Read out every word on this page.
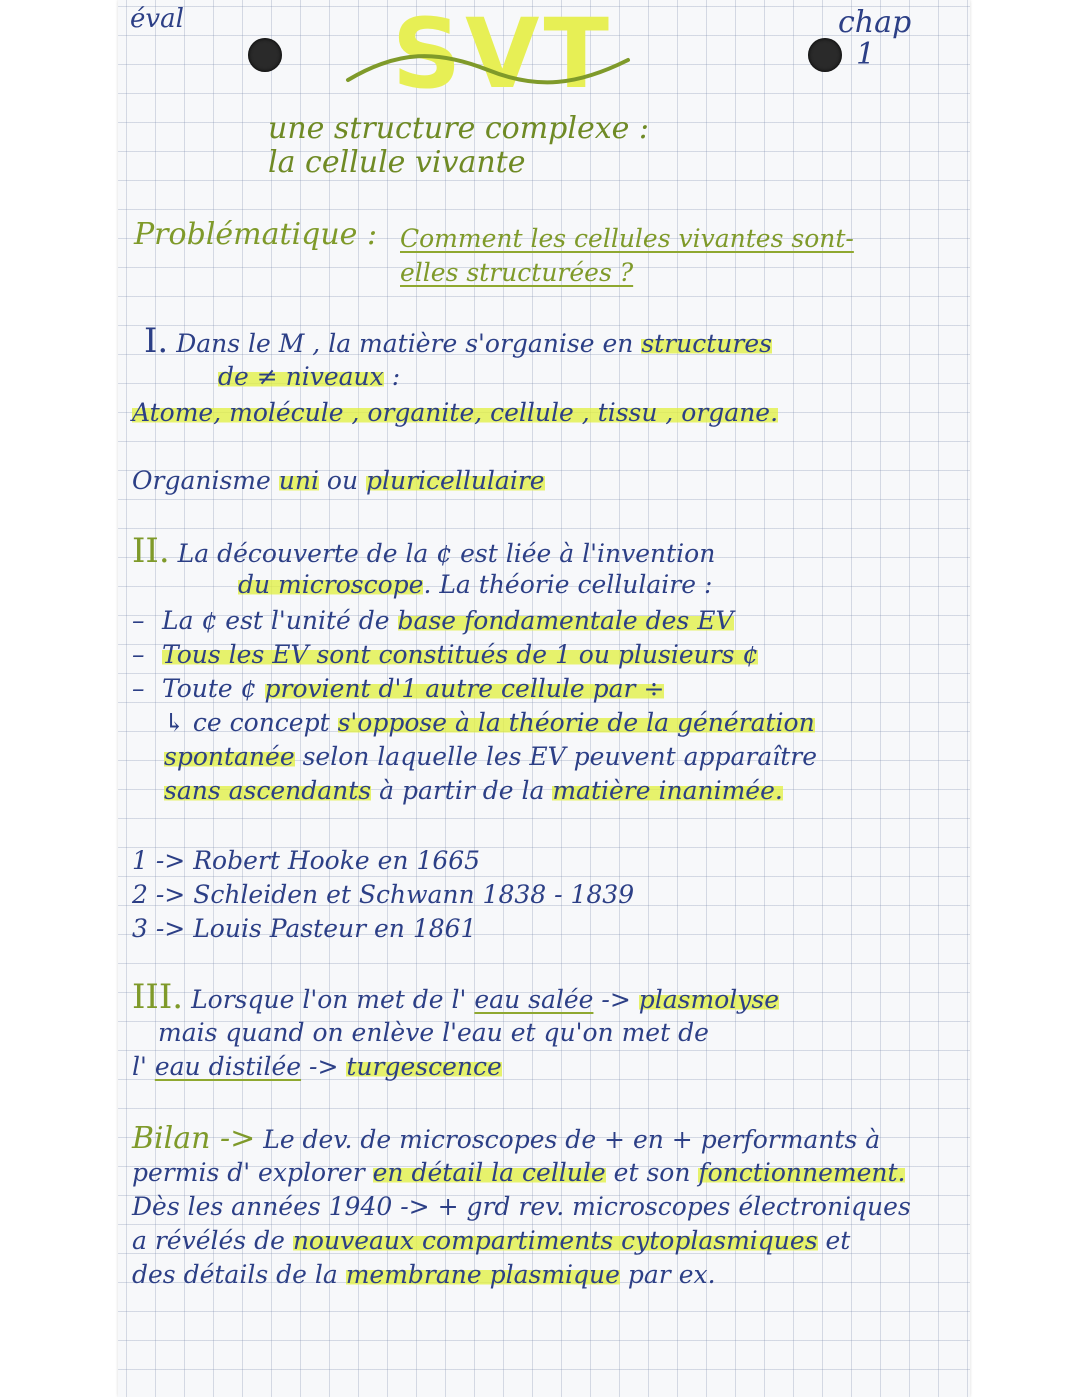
éval SVT	chap
1
une structure complexe :
la cellule vivante
Problématique : Comment les cellules vivantes sont-
elles structurées ?
I. Dans le M , la matière s'organise en structures
de ≠ niveaux :
Atome, molécule , organite, cellule , tissu , organe.
Organisme uni ou pluricellulaire
II. La découverte de la ¢ est liée à l'invention
du microscope. La théorie cellulaire :
– La ¢ est l'unité de base fondamentale des EV
– Tous les EV sont constitués de 1 ou plusieurs ¢
– Toute ¢ provient d'1 autre cellule par ÷
↳ ce concept s'oppose à la théorie de la génération
spontanée selon laquelle les EV peuvent apparaître
sans ascendants à partir de la matière inanimée.
1 -> Robert Hooke en 1665
2 -> Schleiden et Schwann 1838 - 1839
3 -> Louis Pasteur en 1861
III. Lorsque l'on met de l' eau salée -> plasmolyse
mais quand on enlève l'eau et qu'on met de
l' eau distilée -> turgescence
Bilan -> Le dev. de microscopes de + en + performants à
permis d' explorer en détail la cellule et son fonctionnement.
Dès les années 1940 -> + grd rev. microscopes électroniques
a révélés de nouveaux compartiments cytoplasmiques et
des détails de la membrane plasmique par ex.
